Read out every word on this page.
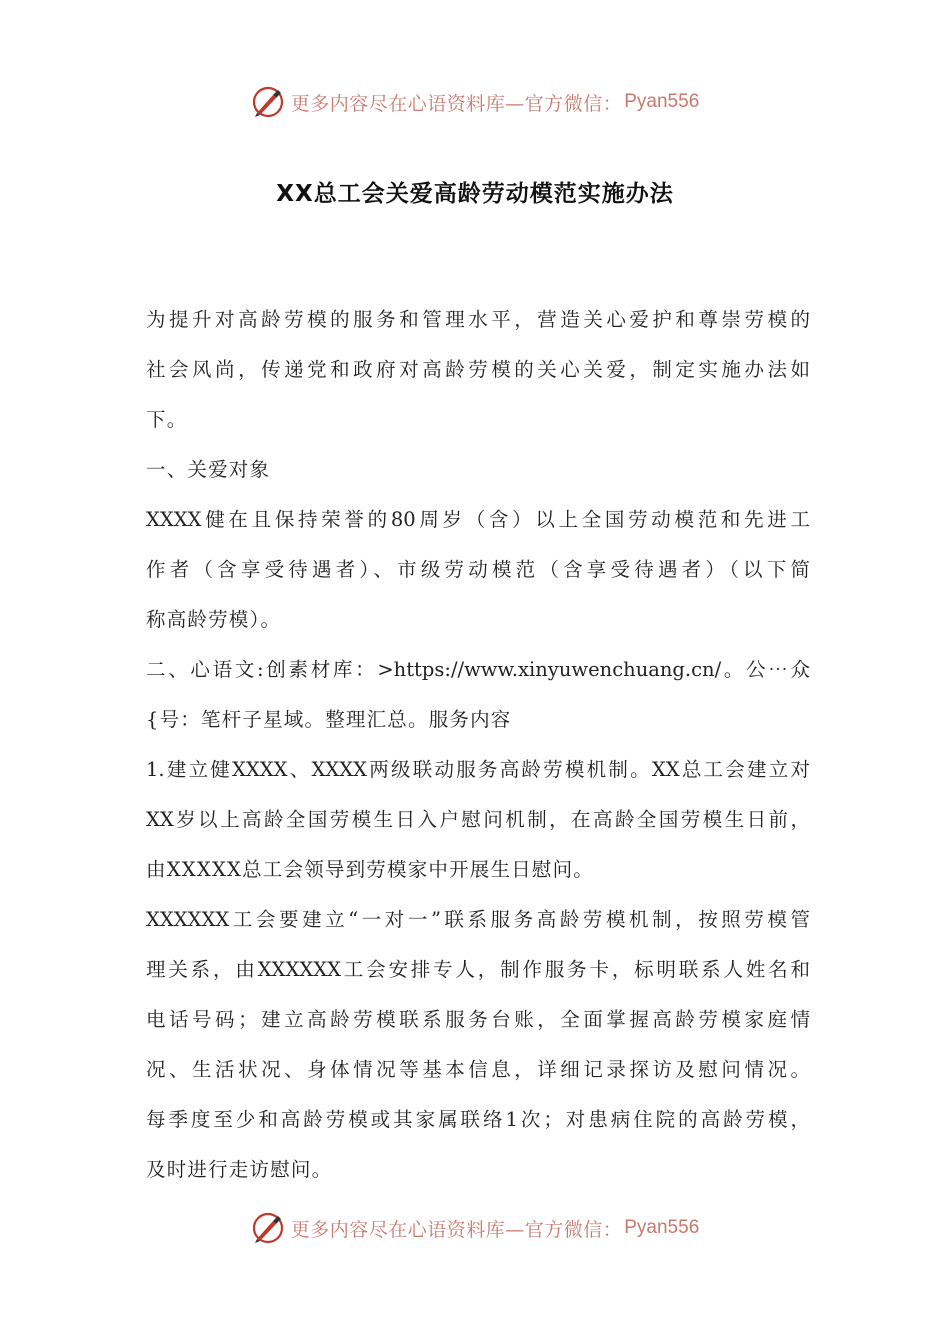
更多内容尽在心语资料库—官方微信： Pyan556
XX总工会关爱高龄劳动模范实施办法
为提升对高龄劳模的服务和管理水平，营造关心爱护和尊崇劳模的
社会风尚，传递党和政府对高龄劳模的关心关爱，制定实施办法如
下。
一、关爱对象
XXXX健在且保持荣誉的80周岁（含）以上全国劳动模范和先进工
作者（含享受待遇者）、市级劳动模范（含享受待遇者）（以下简
称高龄劳模）。
二、心语文:创素材库：>https://www.xinyuwenchuang.cn/。公⋯众
{号：笔杆子星域。整理汇总。服务内容
1.建立健XXXX、XXXX两级联动服务高龄劳模机制。XX总工会建立对
XX岁以上高龄全国劳模生日入户慰问机制，在高龄全国劳模生日前，
由XXXXX总工会领导到劳模家中开展生日慰问。
XXXXXX工会要建立“一对一”联系服务高龄劳模机制，按照劳模管
理关系，由XXXXXX工会安排专人，制作服务卡，标明联系人姓名和
电话号码；建立高龄劳模联系服务台账，全面掌握高龄劳模家庭情
况、生活状况、身体情况等基本信息，详细记录探访及慰问情况。
每季度至少和高龄劳模或其家属联络1次；对患病住院的高龄劳模，
及时进行走访慰问。
更多内容尽在心语资料库—官方微信： Pyan556
